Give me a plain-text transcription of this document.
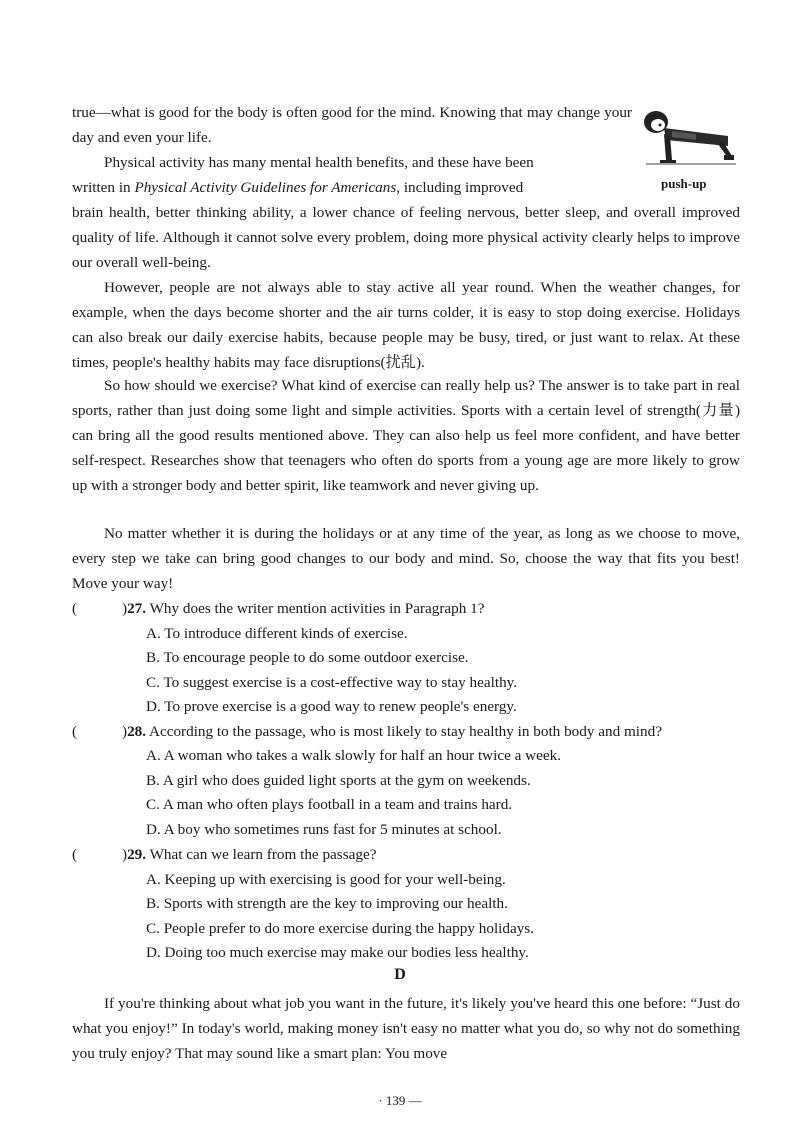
true—what is good for the body is often good for the mind. Knowing that may change your day and even your life.

push-up
Physical activity has many mental health benefits, and these have been
written in Physical Activity Guidelines for Americans, including improved

brain health, better thinking ability, a lower chance of feeling nervous, better sleep, and overall improved quality of life. Although it cannot solve every problem, doing more physical activity clearly helps to improve our overall well-being.

However, people are not always able to stay active all year round. When the weather changes, for example, when the days become shorter and the air turns colder, it is easy to stop doing exercise. Holidays can also break our daily exercise habits, because people may be busy, tired, or just want to relax. At these times, people's healthy habits may face disruptions(扰乱).

So how should we exercise? What kind of exercise can really help us? The answer is to take part in real sports, rather than just doing some light and simple activities. Sports with a certain level of strength(力量) can bring all the good results mentioned above. They can also help us feel more confident, and have better self-respect. Researches show that teenagers who often do sports from a young age are more likely to grow up with a stronger body and better spirit, like teamwork and never giving up.

No matter whether it is during the holidays or at any time of the year, as long as we choose to move, every step we take can bring good changes to our body and mind. So, choose the way that fits you best! Move your way!

(	)27. Why does the writer mention activities in Paragraph 1?
A. To introduce different kinds of exercise.
B. To encourage people to do some outdoor exercise.
C. To suggest exercise is a cost-effective way to stay healthy.
D. To prove exercise is a good way to renew people's energy.
(	)28. According to the passage, who is most likely to stay healthy in both body and mind?
A. A woman who takes a walk slowly for half an hour twice a week.
B. A girl who does guided light sports at the gym on weekends.
C. A man who often plays football in a team and trains hard.
D. A boy who sometimes runs fast for 5 minutes at school.
(	)29. What can we learn from the passage?
A. Keeping up with exercising is good for your well-being.
B. Sports with strength are the key to improving our health.
C. People prefer to do more exercise during the happy holidays.
D. Doing too much exercise may make our bodies less healthy.
D

If you're thinking about what job you want in the future, it's likely you've heard this one before: “Just do what you enjoy!” In today's world, making money isn't easy no matter what you do, so why not do something you truly enjoy? That may sound like a smart plan: You move

· 139 —
